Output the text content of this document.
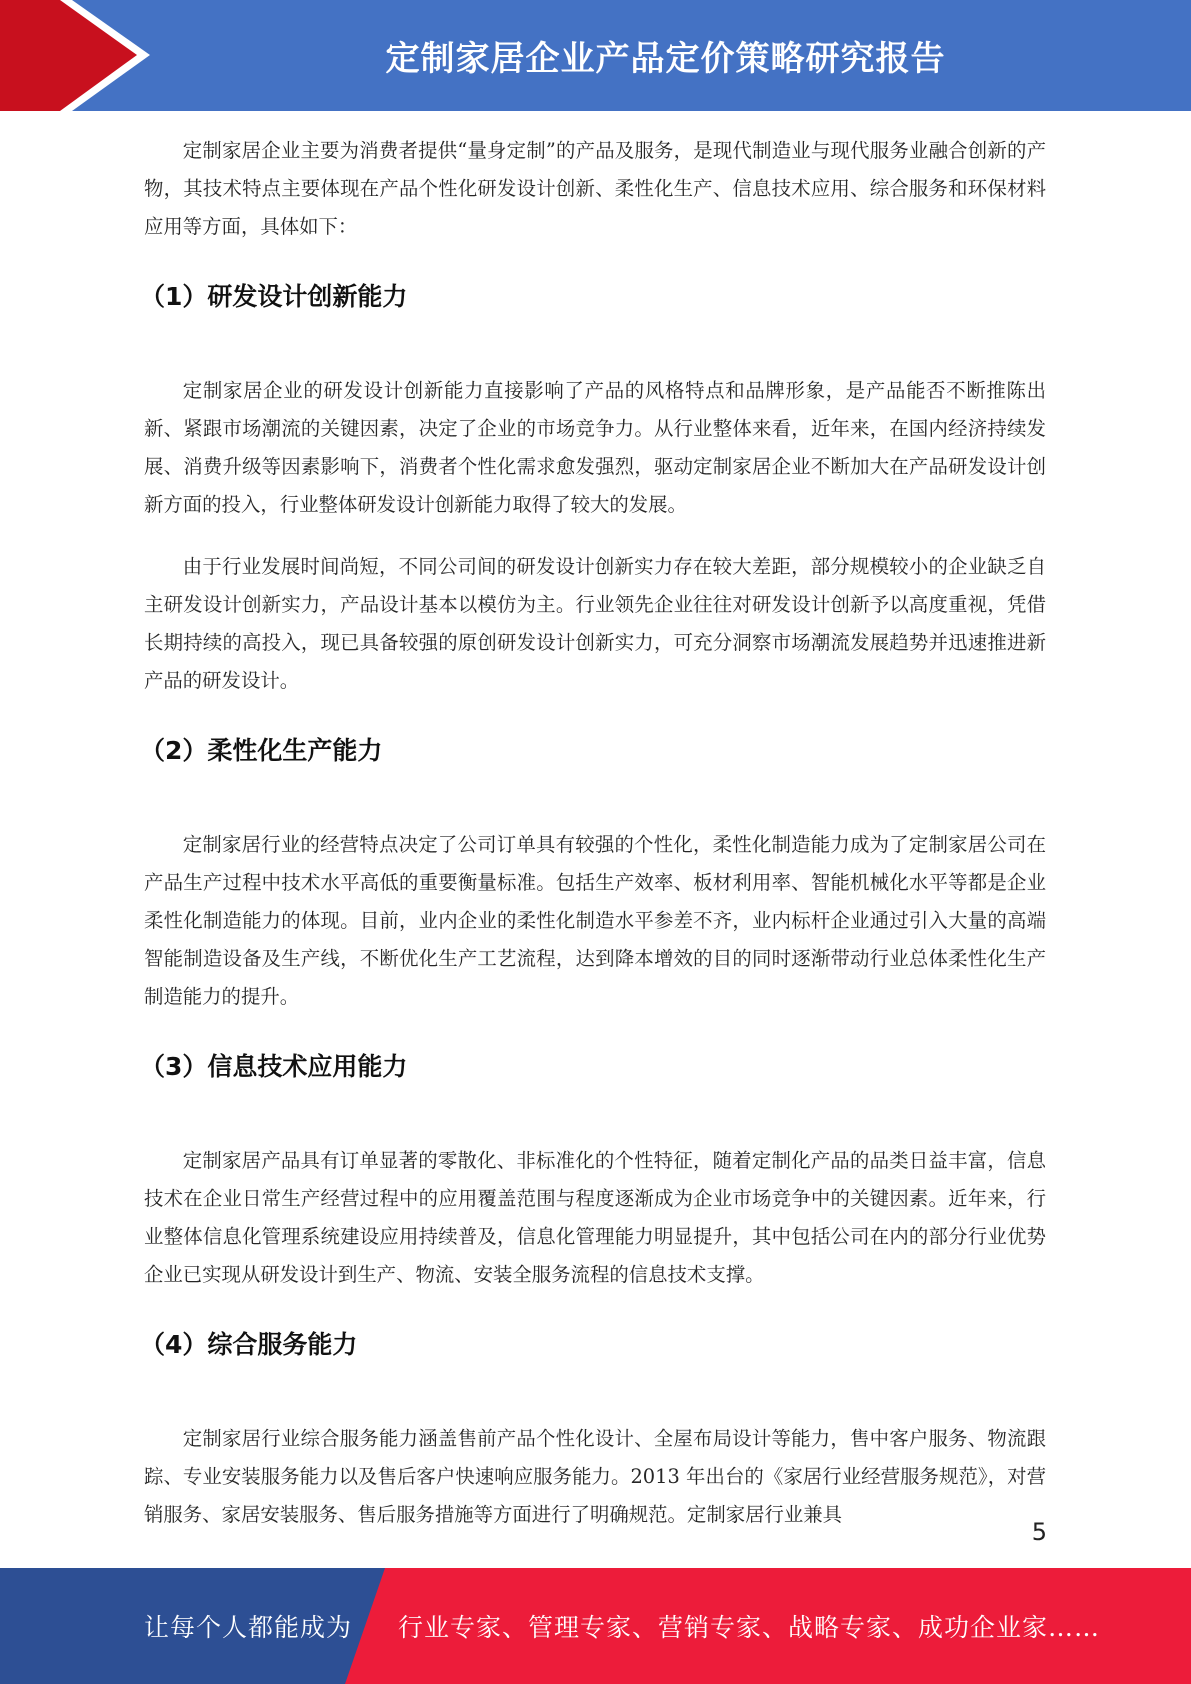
定制家居企业产品定价策略研究报告

定制家居企业主要为消费者提供“量身定制”的产品及服务，是现代制造业与现代服务业融合创新的产物，其技术特点主要体现在产品个性化研发设计创新、柔性化生产、信息技术应用、综合服务和环保材料应用等方面，具体如下：

（1）研发设计创新能力

定制家居企业的研发设计创新能力直接影响了产品的风格特点和品牌形象，是产品能否不断推陈出新、紧跟市场潮流的关键因素，决定了企业的市场竞争力。从行业整体来看，近年来，在国内经济持续发展、消费升级等因素影响下，消费者个性化需求愈发强烈，驱动定制家居企业不断加大在产品研发设计创新方面的投入，行业整体研发设计创新能力取得了较大的发展。

由于行业发展时间尚短，不同公司间的研发设计创新实力存在较大差距，部分规模较小的企业缺乏自主研发设计创新实力，产品设计基本以模仿为主。行业领先企业往往对研发设计创新予以高度重视，凭借长期持续的高投入，现已具备较强的原创研发设计创新实力，可充分洞察市场潮流发展趋势并迅速推进新产品的研发设计。

（2）柔性化生产能力

定制家居行业的经营特点决定了公司订单具有较强的个性化，柔性化制造能力成为了定制家居公司在产品生产过程中技术水平高低的重要衡量标准。包括生产效率、板材利用率、智能机械化水平等都是企业柔性化制造能力的体现。目前，业内企业的柔性化制造水平参差不齐，业内标杆企业通过引入大量的高端智能制造设备及生产线，不断优化生产工艺流程，达到降本增效的目的同时逐渐带动行业总体柔性化生产制造能力的提升。

（3）信息技术应用能力

定制家居产品具有订单显著的零散化、非标准化的个性特征，随着定制化产品的品类日益丰富，信息技术在企业日常生产经营过程中的应用覆盖范围与程度逐渐成为企业市场竞争中的关键因素。近年来，行业整体信息化管理系统建设应用持续普及，信息化管理能力明显提升，其中包括公司在内的部分行业优势企业已实现从研发设计到生产、物流、安装全服务流程的信息技术支撑。

（4）综合服务能力

定制家居行业综合服务能力涵盖售前产品个性化设计、全屋布局设计等能力，售中客户服务、物流跟踪、专业安装服务能力以及售后客户快速响应服务能力。2013 年出台的《家居行业经营服务规范》，对营销服务、家居安装服务、售后服务措施等方面进行了明确规范。定制家居行业兼具

5
让每个人都能成为 行业专家、管理专家、营销专家、战略专家、成功企业家……
